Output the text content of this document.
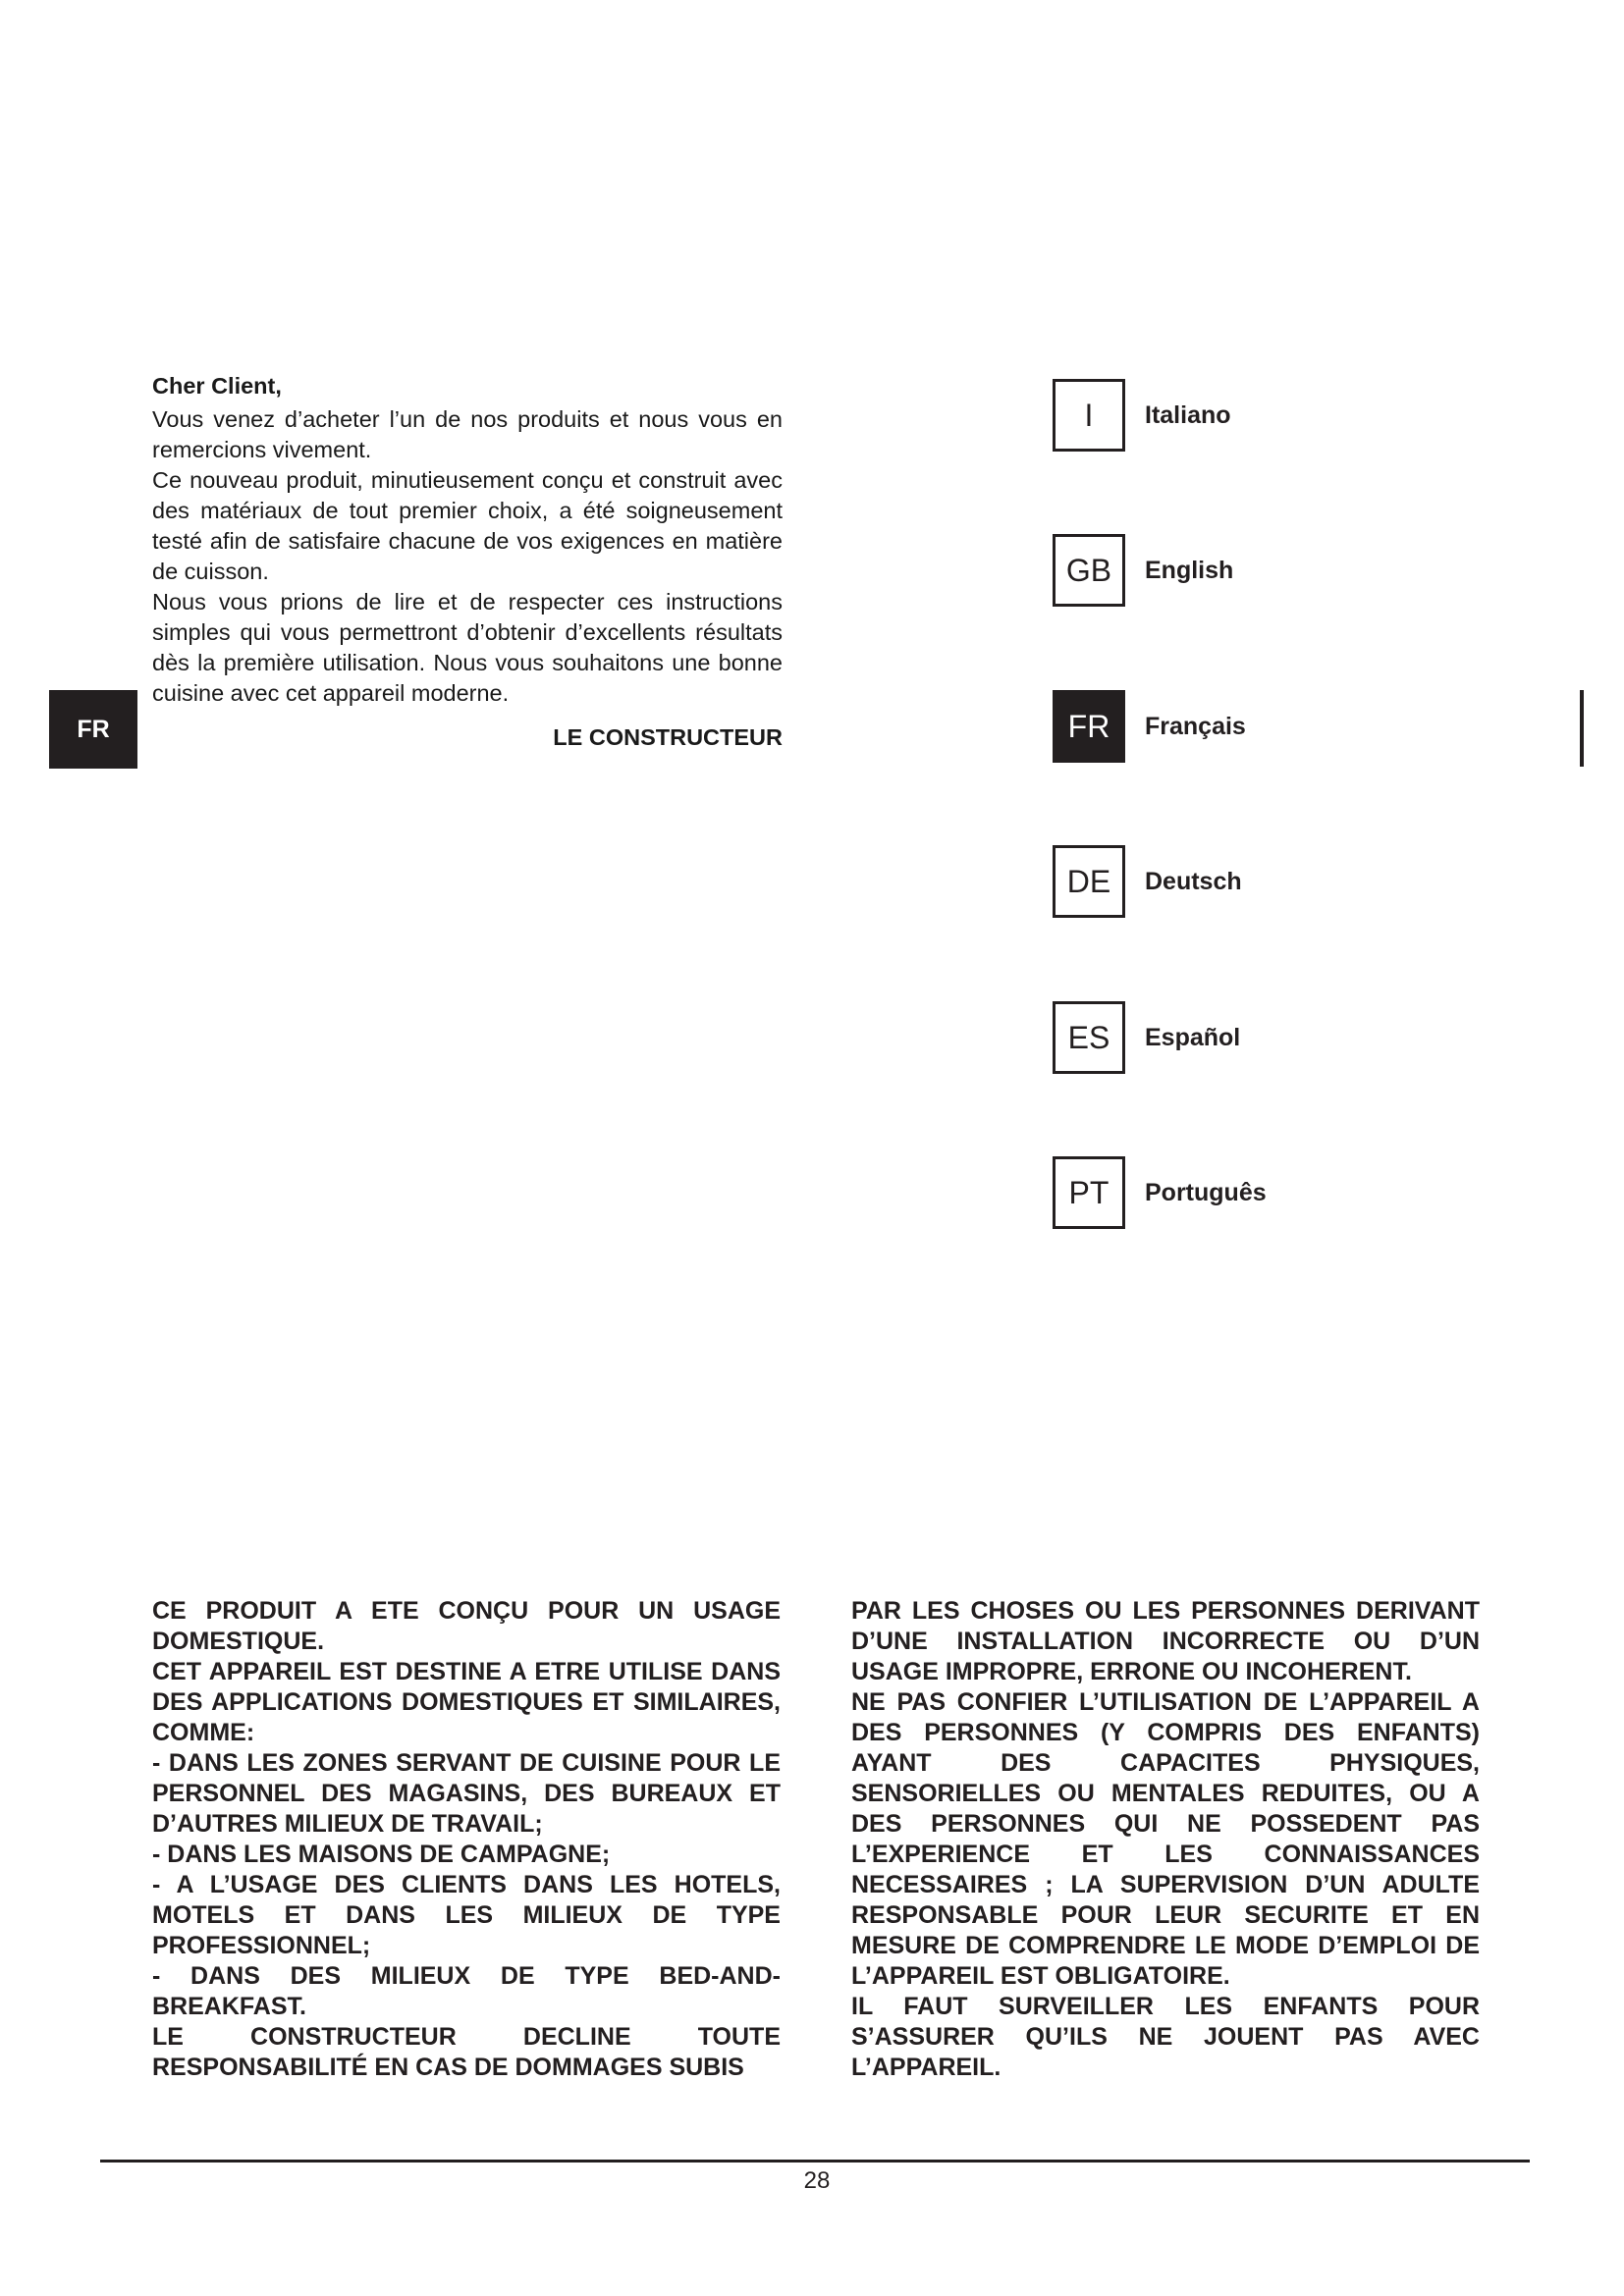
FR
Cher Client,

Vous venez d’acheter l’un de nos produits et nous vous en remercions vivement.

Ce nouveau produit, minutieusement conçu et construit avec des matériaux de tout premier choix, a été soigneusement testé afin de satisfaire chacune de vos exigences en matière de cuisson.

Nous vous prions de lire et de respecter ces instructions simples qui vous permettront d’obtenir d’excellents résultats dès la première utilisation. Nous vous souhaitons une bonne cuisine avec cet appareil moderne.

LE CONSTRUCTEUR
I	Italiano
GB	English
FR	Français
DE	Deutsch
ES	Español
PT	Português

CE PRODUIT A ETE CONÇU POUR UN USAGE DOMESTIQUE.

CET APPAREIL EST DESTINE A ETRE UTILISE DANS DES APPLICATIONS DOMESTIQUES ET SIMILAIRES, COMME:

- DANS LES ZONES SERVANT DE CUISINE POUR LE PERSONNEL DES MAGASINS, DES BUREAUX ET D’AUTRES MILIEUX DE TRAVAIL;

- DANS LES MAISONS DE CAMPAGNE;

- A L’USAGE DES CLIENTS DANS LES HOTELS, MOTELS ET DANS LES MILIEUX DE TYPE PROFESSIONNEL;

- DANS DES MILIEUX DE TYPE BED-AND-BREAKFAST.

LE CONSTRUCTEUR DECLINE TOUTE RESPONSABILITÉ EN CAS DE DOMMAGES SUBIS

PAR LES CHOSES OU LES PERSONNES DERIVANT D’UNE INSTALLATION INCORRECTE OU D’UN USAGE IMPROPRE, ERRONE OU INCOHERENT.

NE PAS CONFIER L’UTILISATION DE L’APPAREIL A DES PERSONNES (Y COMPRIS DES ENFANTS) AYANT DES CAPACITES PHYSIQUES, SENSORIELLES OU MENTALES REDUITES, OU A DES PERSONNES QUI NE POSSEDENT PAS L’EXPERIENCE ET LES CONNAISSANCES NECESSAIRES ; LA SUPERVISION D’UN ADULTE RESPONSABLE POUR LEUR SECURITE ET EN MESURE DE COMPRENDRE LE MODE D’EMPLOI DE L’APPAREIL EST OBLIGATOIRE.

IL FAUT SURVEILLER LES ENFANTS POUR S’ASSURER QU’ILS NE JOUENT PAS AVEC L’APPAREIL.

28
